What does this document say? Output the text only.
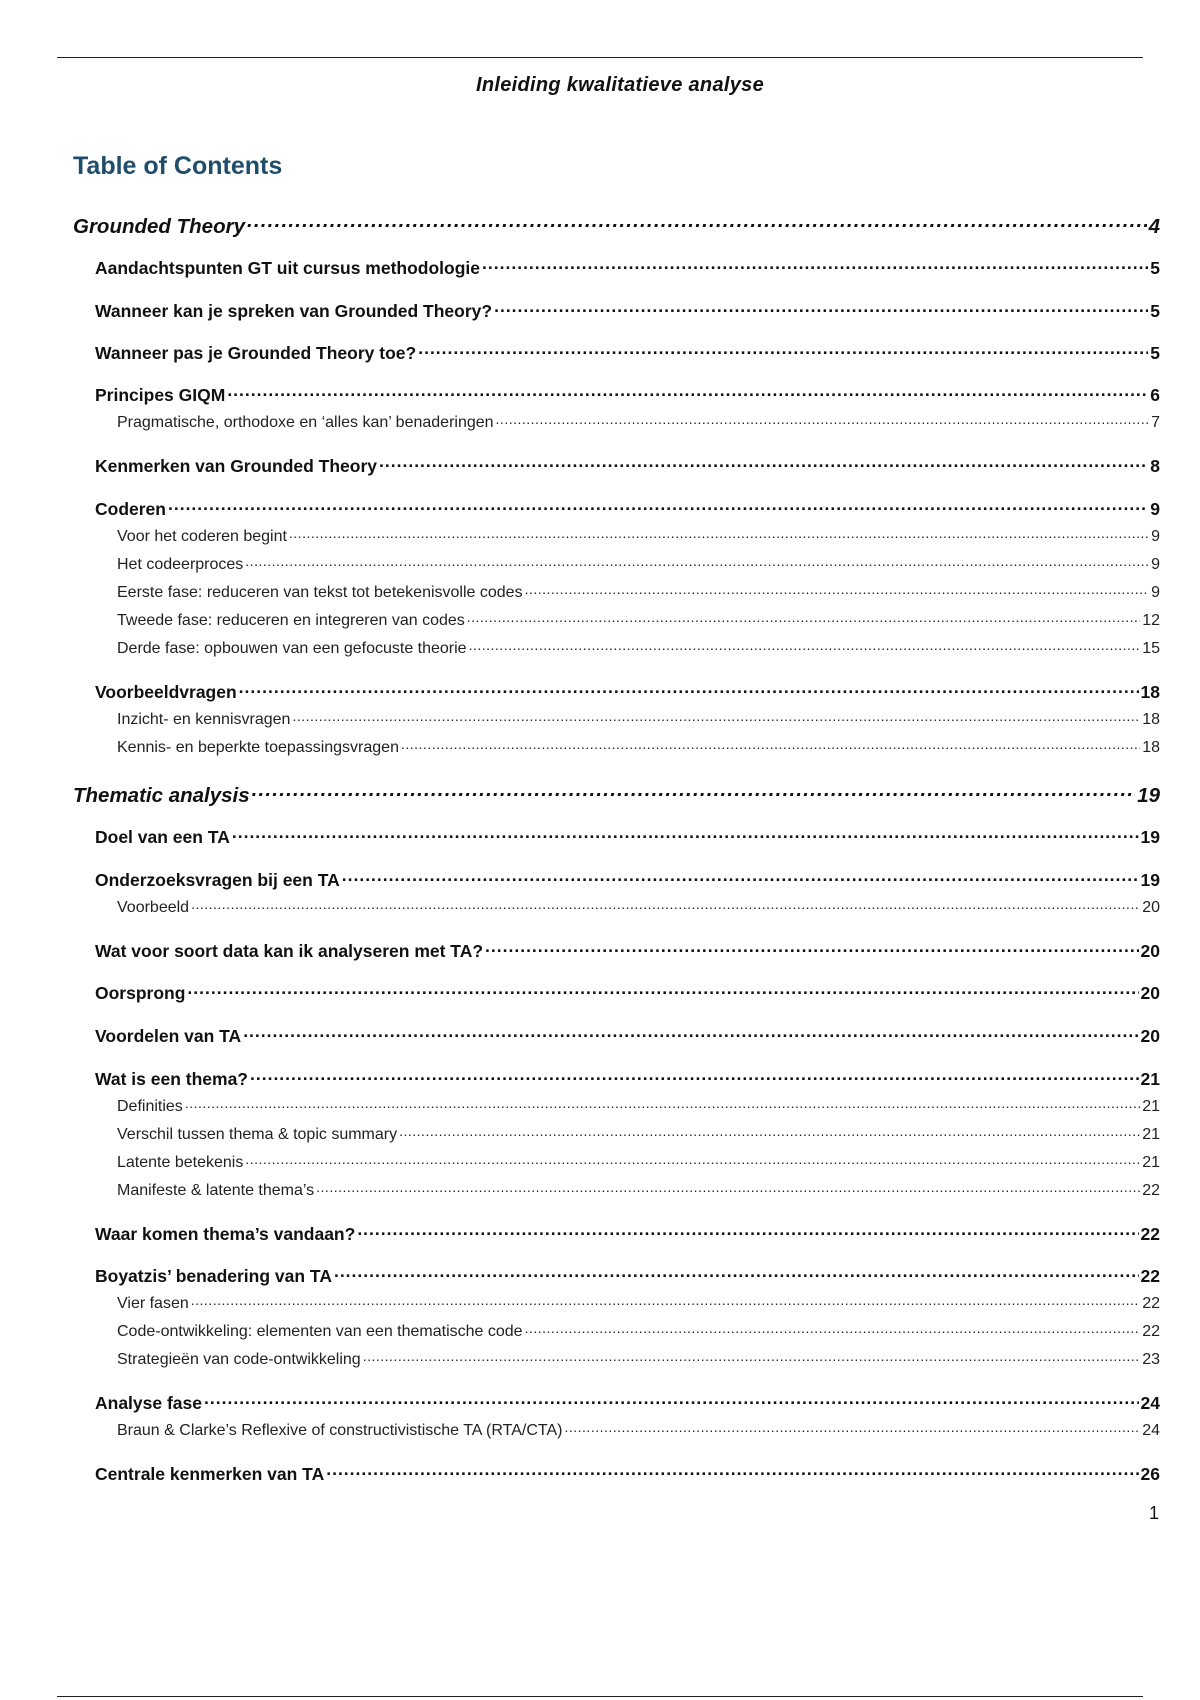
Inleiding kwalitatieve analyse
Table of Contents
Grounded Theory .....	4
Aandachtspunten GT uit cursus methodologie .....	5
Wanneer kan je spreken van Grounded Theory? .....	5
Wanneer pas je Grounded Theory toe? .....	5
Principes GIQM .....	6
Pragmatische, orthodoxe en ‘alles kan’ benaderingen .....	7
Kenmerken van Grounded Theory .....	8
Coderen .....	9
Voor het coderen begint .....	9
Het codeerproces .....	9
Eerste fase: reduceren van tekst tot betekenisvolle codes .....	9
Tweede fase: reduceren en integreren van codes .....	12
Derde fase: opbouwen van een gefocuste theorie .....	15
Voorbeeldvragen .....	18
Inzicht- en kennisvragen .....	18
Kennis- en beperkte toepassingsvragen .....	18
Thematic analysis .....	19
Doel van een TA .....	19
Onderzoeksvragen bij een TA .....	19
Voorbeeld .....	20
Wat voor soort data kan ik analyseren met TA? .....	20
Oorsprong .....	20
Voordelen van TA .....	20
Wat is een thema? .....	21
Definities .....	21
Verschil tussen thema & topic summary .....	21
Latente betekenis .....	21
Manifeste & latente thema’s .....	22
Waar komen thema’s vandaan? .....	22
Boyatzis’ benadering van TA .....	22
Vier fasen .....	22
Code-ontwikkeling: elementen van een thematische code .....	22
Strategieën van code-ontwikkeling .....	23
Analyse fase .....	24
Braun & Clarke’s Reflexive of constructivistische TA (RTA/CTA) .....	24
Centrale kenmerken van TA .....	26
1
